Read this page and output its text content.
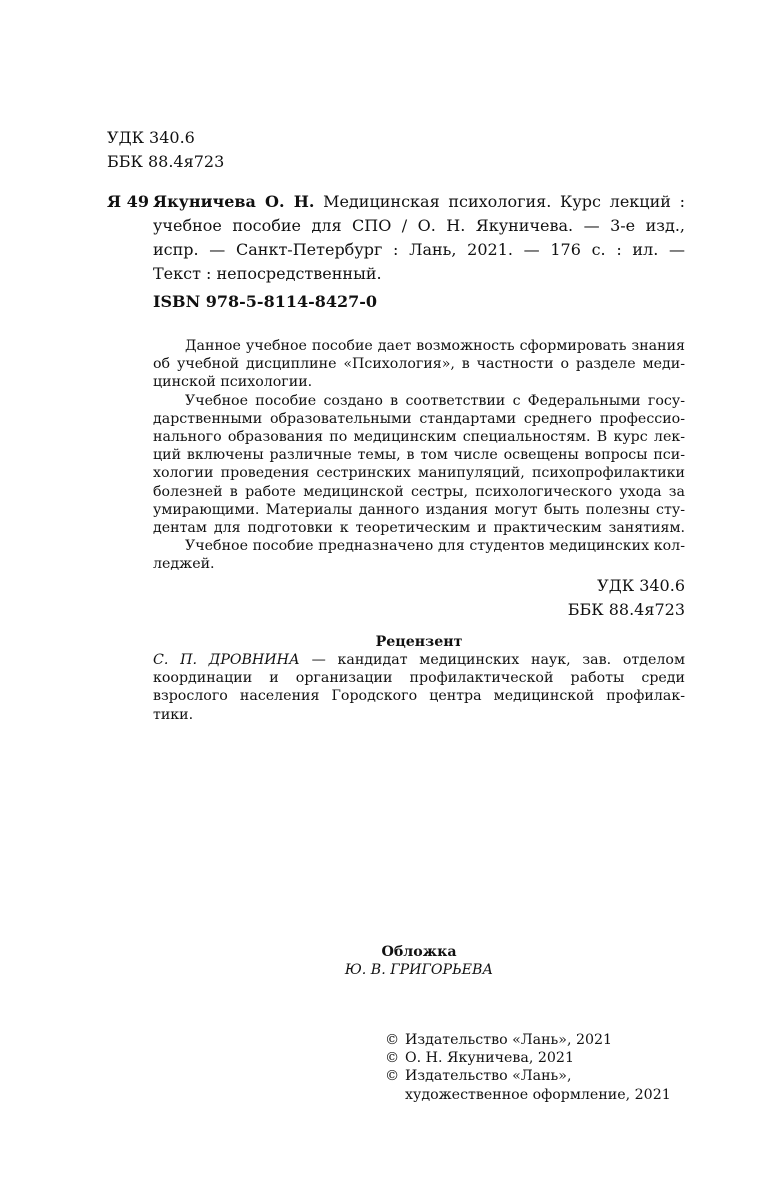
УДК 340.6
ББК 88.4я723
Я 49 Якуничева О. Н. Медицинская психология. Курс лекций :
учебное пособие для СПО / О. Н. Якуничева. — 3-е изд.,
испр. — Санкт-Петербург : Лань, 2021. — 176 с. : ил. —
Текст : непосредственный.
ISBN 978-5-8114-8427-0
Данное учебное пособие дает возможность сформировать знания
об учебной дисциплине «Психология», в частности о разделе меди-
цинской психологии.
Учебное пособие создано в соответствии с Федеральными госу-
дарственными образовательными стандартами среднего профессио-
нального образования по медицинским специальностям. В курс лек-
ций включены различные темы, в том числе освещены вопросы пси-
хологии проведения сестринских манипуляций, психопрофилактики
болезней в работе медицинской сестры, психологического ухода за
умирающими. Материалы данного издания могут быть полезны сту-
дентам для подготовки к теоретическим и практическим занятиям.
Учебное пособие предназначено для студентов медицинских кол-
леджей.
УДК 340.6
ББК 88.4я723
Рецензент
С. П. ДРОВНИНА — кандидат медицинских наук, зав. отделом
координации и организации профилактической работы среди
взрослого населения Городского центра медицинской профилак-
тики.
Обложка
Ю. В. ГРИГОРЬЕВА
© Издательство «Лань», 2021
© О. Н. Якуничева, 2021
© Издательство «Лань»,
художественное оформление, 2021
